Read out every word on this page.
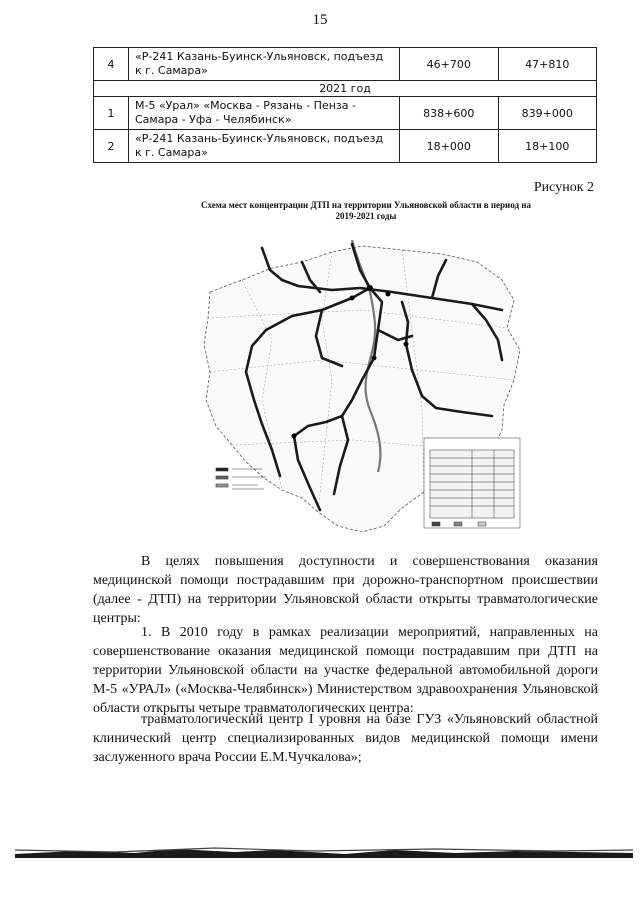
15
4	«Р-241 Казань-Буинск-Ульяновск, подъезд к г. Самара»	46+700	47+810
2021 год			
1	М-5 «Урал» «Москва - Рязань - Пенза - Самара - Уфа - Челябинск»	838+600	839+000
2	«Р-241 Казань-Буинск-Ульяновск, подъезд к г. Самара»	18+000	18+100
Рисунок 2
Схема мест концентрации ДТП на территории Ульяновской области в период на 2019-2021 годы
В целях повышения доступности и совершенствования оказания медицинской помощи пострадавшим при дорожно-транспортном происшествии (далее - ДТП) на территории Ульяновской области открыты травматологические центры:
1. В 2010 году в рамках реализации мероприятий, направленных на совершенствование оказания медицинской помощи пострадавшим при ДТП на территории Ульяновской области на участке федеральной автомобильной дороги М-5 «УРАЛ» («Москва-Челябинск») Министерством здравоохранения Ульяновской области открыты четыре травматологических центра:
травматологический центр I уровня на базе ГУЗ «Ульяновский областной клинический центр специализированных видов медицинской помощи имени заслуженного врача России Е.М.Чучкалова»;
